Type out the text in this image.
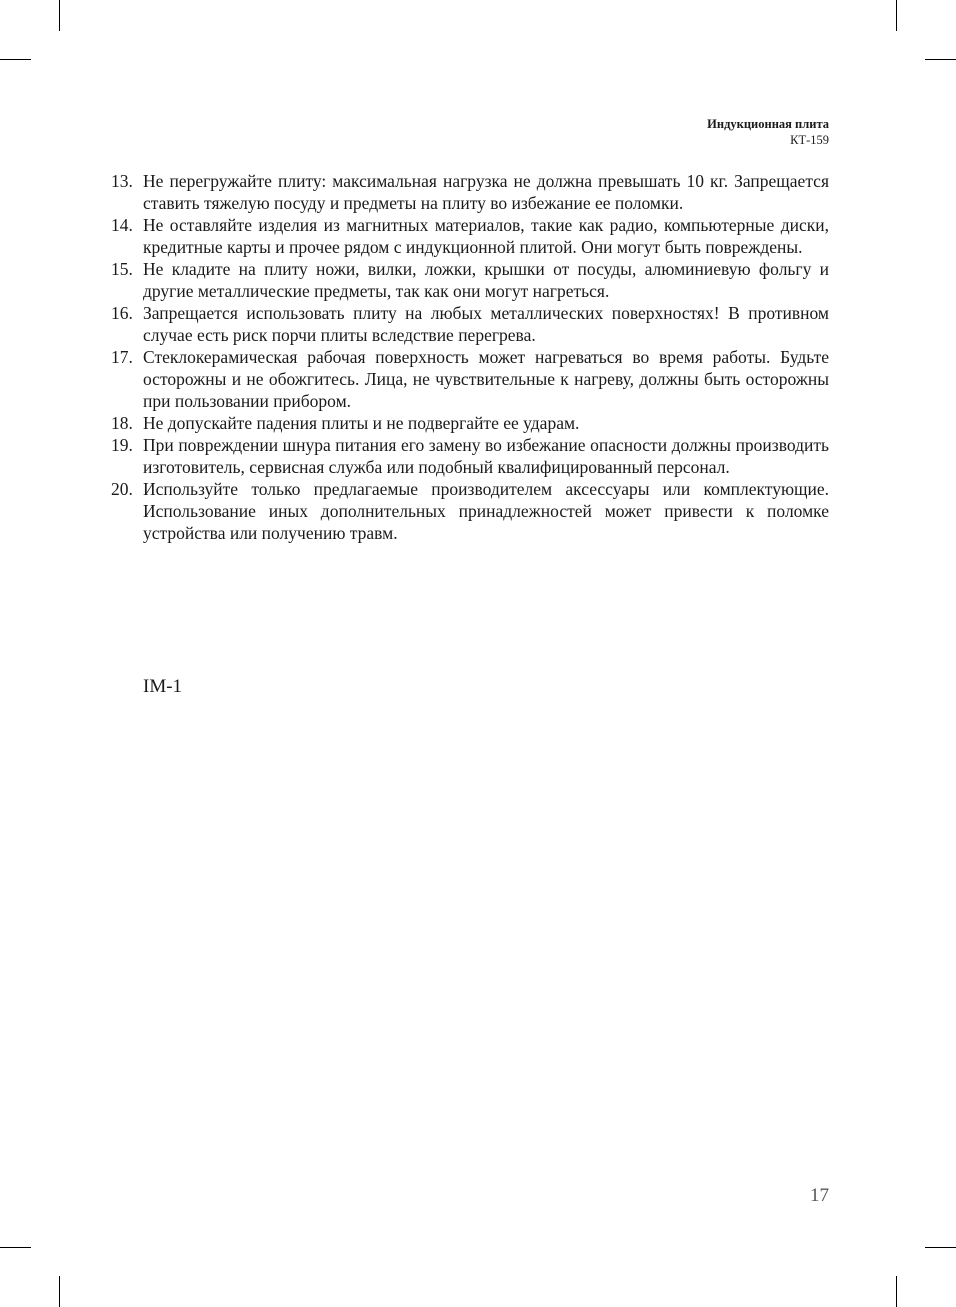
Индукционная плита
КТ-159
13. Не перегружайте плиту: максимальная нагрузка не должна превышать 10 кг. Запрещается ставить тяжелую посуду и предметы на плиту во избежание ее поломки.
14. Не оставляйте изделия из магнитных материалов, такие как радио, компьютерные диски, кредитные карты и прочее рядом с индукционной плитой. Они могут быть повреждены.
15. Не кладите на плиту ножи, вилки, ложки, крышки от посуды, алюминиевую фольгу и другие металлические предметы, так как они могут нагреться.
16. Запрещается использовать плиту на любых металлических поверхностях! В противном случае есть риск порчи плиты вследствие перегрева.
17. Стеклокерамическая рабочая поверхность может нагреваться во время работы. Будьте осторожны и не обожгитесь. Лица, не чувствительные к нагреву, должны быть осторожны при пользовании прибором.
18. Не допускайте падения плиты и не подвергайте ее ударам.
19. При повреждении шнура питания его замену во избежание опасности должны производить изготовитель, сервисная служба или подобный квалифицированный персонал.
20. Используйте только предлагаемые производителем аксессуары или комплектующие. Использование иных дополнительных принадлежностей может привести к поломке устройства или получению травм.
IM-1
17
